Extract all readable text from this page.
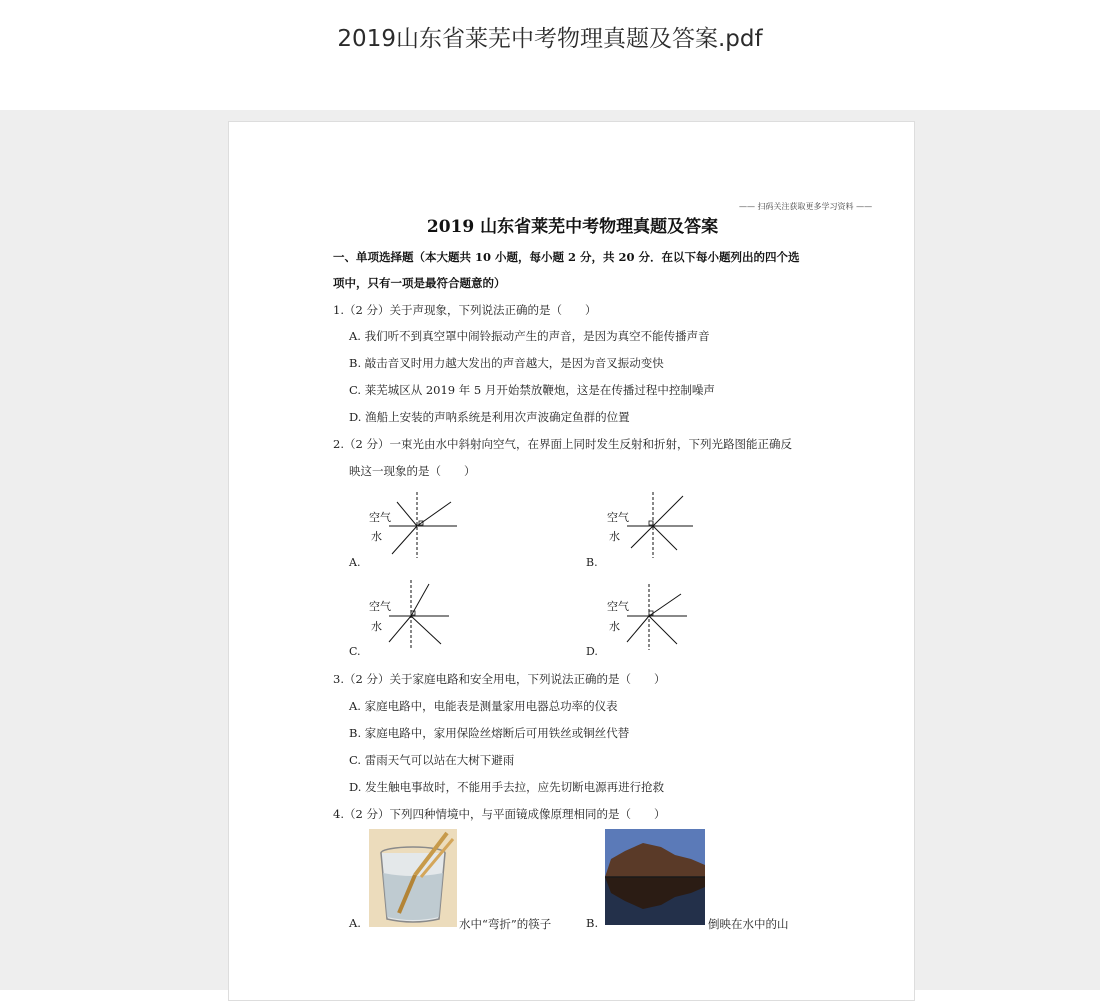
2019山东省莱芜中考物理真题及答案.pdf
—— 扫码关注获取更多学习资料 ——
2019 山东省莱芜中考物理真题及答案
一、单项选择题（本大题共 10 小题，每小题 2 分，共 20 分．在以下每小题列出的四个选
项中，只有一项是最符合题意的）
1.（2 分）关于声现象，下列说法正确的是（　　）
A. 我们听不到真空罩中闹铃振动产生的声音，是因为真空不能传播声音
B. 敲击音叉时用力越大发出的声音越大，是因为音叉振动变快
C. 莱芜城区从 2019 年 5 月开始禁放鞭炮，这是在传播过程中控制噪声
D. 渔船上安装的声呐系统是利用次声波确定鱼群的位置
2.（2 分）一束光由水中斜射向空气，在界面上同时发生反射和折射，下列光路图能正确反
映这一现象的是（　　）
空气
水
A.
空气
水
B.
空气
水
C.
空气
水
D.
3.（2 分）关于家庭电路和安全用电，下列说法正确的是（　　）
A. 家庭电路中，电能表是测量家用电器总功率的仪表
B. 家庭电路中，家用保险丝熔断后可用铁丝或铜丝代替
C. 雷雨天气可以站在大树下避雨
D. 发生触电事故时，不能用手去拉，应先切断电源再进行抢救
4.（2 分）下列四种情境中，与平面镜成像原理相同的是（　　）
A.	水中“弯折”的筷子	B.	倒映在水中的山
